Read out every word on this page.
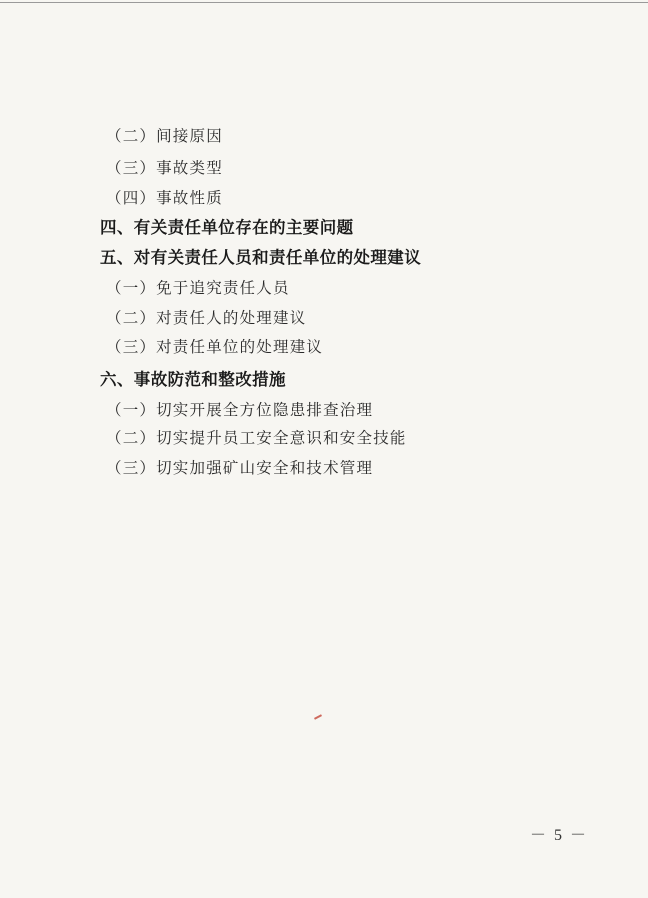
（二）间接原因
（三）事故类型
（四）事故性质
四、有关责任单位存在的主要问题
五、对有关责任人员和责任单位的处理建议
（一）免于追究责任人员
（二）对责任人的处理建议
（三）对责任单位的处理建议
六、事故防范和整改措施
（一）切实开展全方位隐患排查治理
（二）切实提升员工安全意识和安全技能
（三）切实加强矿山安全和技术管理
－ 5 －
